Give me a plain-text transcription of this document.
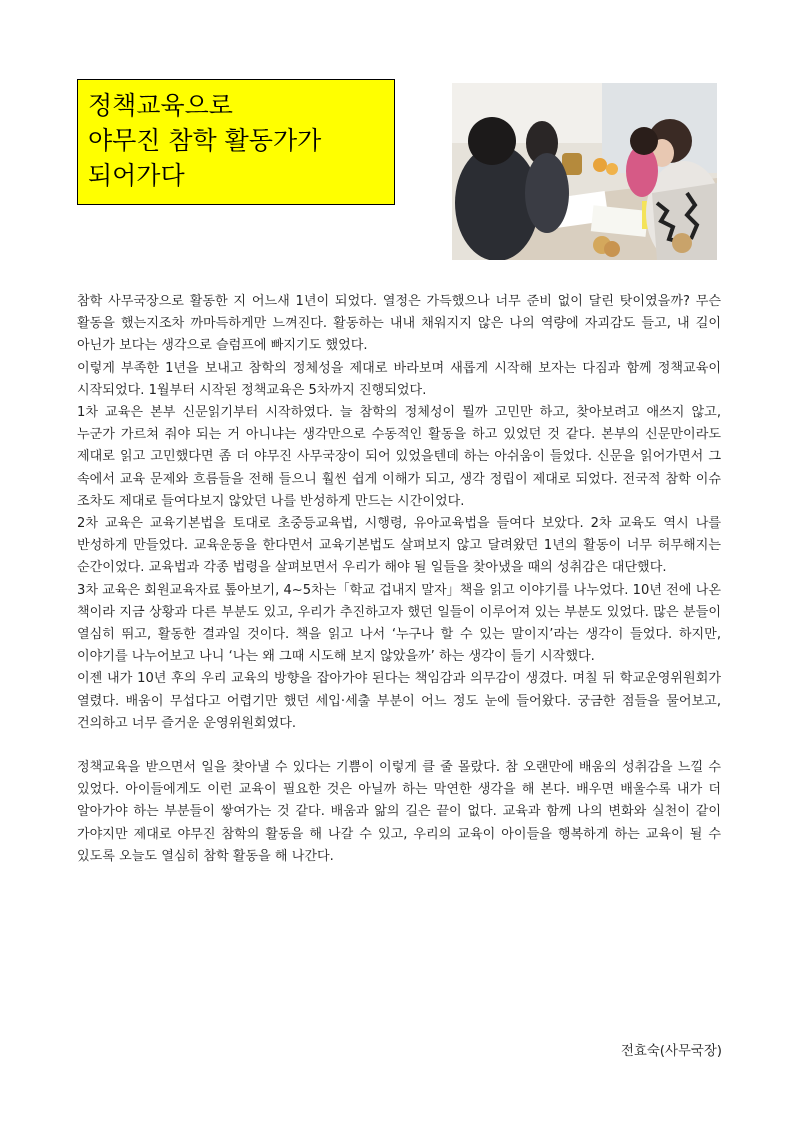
정책교육으로
야무진 참학 활동가가
되어가다

참학 사무국장으로 활동한 지 어느새 1년이 되었다. 열정은 가득했으나 너무 준비 없이 달린 탓이였을까? 무슨 활동을 했는지조차 까마득하게만 느껴진다. 활동하는 내내 채워지지 않은 나의 역량에 자괴감도 들고, 내 길이 아닌가 보다는 생각으로 슬럼프에 빠지기도 했었다.

이렇게 부족한 1년을 보내고 참학의 정체성을 제대로 바라보며 새롭게 시작해 보자는 다짐과 함께 정책교육이 시작되었다. 1월부터 시작된 정책교육은 5차까지 진행되었다.

1차 교육은 본부 신문읽기부터 시작하였다. 늘 참학의 정체성이 뭘까 고민만 하고, 찾아보려고 애쓰지 않고, 누군가 가르쳐 줘야 되는 거 아니냐는 생각만으로 수동적인 활동을 하고 있었던 것 같다. 본부의 신문만이라도 제대로 읽고 고민했다면 좀 더 야무진 사무국장이 되어 있었을텐데 하는 아쉬움이 들었다. 신문을 읽어가면서 그 속에서 교육 문제와 흐름들을 전해 들으니 훨씬 쉽게 이해가 되고, 생각 정립이 제대로 되었다. 전국적 참학 이슈 조차도 제대로 들여다보지 않았던 나를 반성하게 만드는 시간이었다.

2차 교육은 교육기본법을 토대로 초중등교육법, 시행령, 유아교육법을 들여다 보았다. 2차 교육도 역시 나를 반성하게 만들었다. 교육운동을 한다면서 교육기본법도 살펴보지 않고 달려왔던 1년의 활동이 너무 허무해지는 순간이었다. 교육법과 각종 법령을 살펴보면서 우리가 해야 될 일들을 찾아냈을 때의 성취감은 대단했다.

3차 교육은 회원교육자료 톺아보기, 4~5차는「학교 겁내지 말자」책을 읽고 이야기를 나누었다. 10년 전에 나온 책이라 지금 상황과 다른 부분도 있고, 우리가 추진하고자 했던 일들이 이루어져 있는 부분도 있었다. 많은 분들이 열심히 뛰고, 활동한 결과일 것이다. 책을 읽고 나서 ‘누구나 할 수 있는 말이지’라는 생각이 들었다. 하지만, 이야기를 나누어보고 나니 ‘나는 왜 그때 시도해 보지 않았을까’ 하는 생각이 들기 시작했다.

이젠 내가 10년 후의 우리 교육의 방향을 잡아가야 된다는 책임감과 의무감이 생겼다. 며칠 뒤 학교운영위원회가 열렸다. 배움이 무섭다고 어렵기만 했던 세입·세출 부분이 어느 정도 눈에 들어왔다. 궁금한 점들을 물어보고, 건의하고 너무 즐거운 운영위원회였다.

정책교육을 받으면서 일을 찾아낼 수 있다는 기쁨이 이렇게 클 줄 몰랐다. 참 오랜만에 배움의 성취감을 느낄 수 있었다. 아이들에게도 이런 교육이 필요한 것은 아닐까 하는 막연한 생각을 해 본다. 배우면 배울수록 내가 더 알아가야 하는 부분들이 쌓여가는 것 같다. 배움과 앎의 길은 끝이 없다. 교육과 함께 나의 변화와 실천이 같이 가야지만 제대로 야무진 참학의 활동을 해 나갈 수 있고, 우리의 교육이 아이들을 행복하게 하는 교육이 될 수 있도록 오늘도 열심히 참학 활동을 해 나간다.

전효숙(사무국장)
